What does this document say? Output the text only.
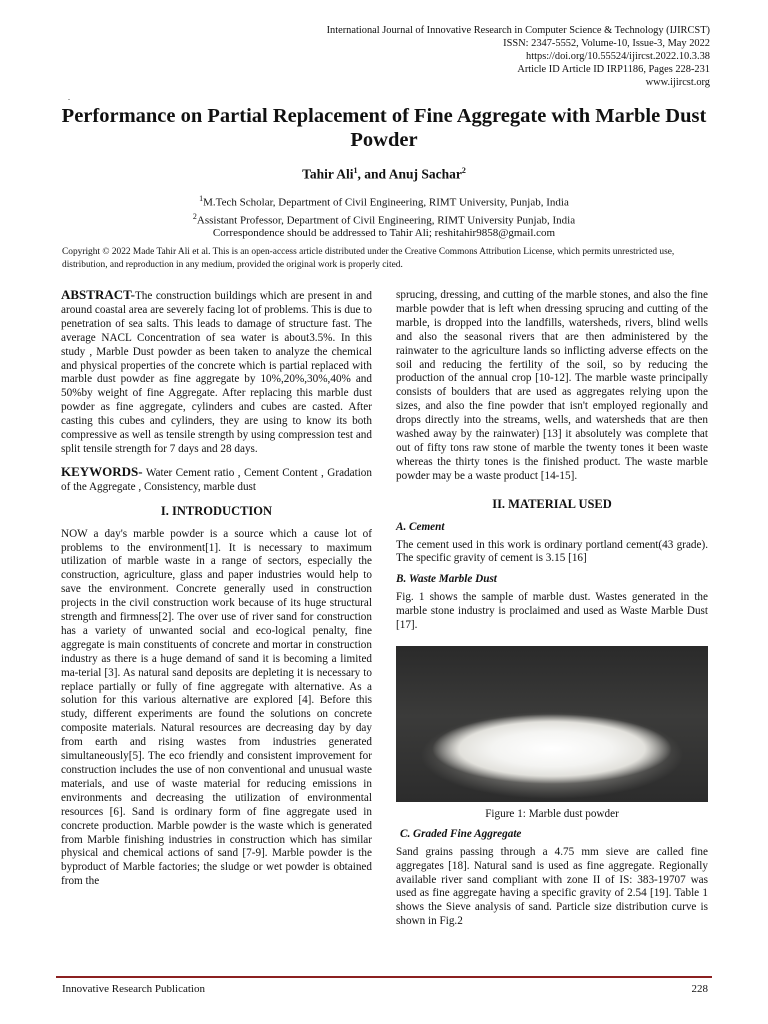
International Journal of Innovative Research in Computer Science & Technology (IJIRCST)
ISSN: 2347-5552, Volume-10, Issue-3, May 2022
https://doi.org/10.55524/ijircst.2022.10.3.38
Article ID Article ID IRP1186, Pages 228-231
www.ijircst.org
.
Performance on Partial Replacement of Fine Aggregate with Marble Dust Powder
Tahir Ali$^1$, and Anuj Sachar$^2$
$^1$M.Tech Scholar, Department of Civil Engineering, RIMT University, Punjab, India
$^2$Assistant Professor, Department of Civil Engineering, RIMT University Punjab, India
Correspondence should be addressed to Tahir Ali; reshitahir9858@gmail.com
Copyright © 2022 Made Tahir Ali et al. This is an open-access article distributed under the Creative Commons Attribution License, which permits unrestricted use, distribution, and reproduction in any medium, provided the original work is properly cited.

ABSTRACT-The construction buildings which are present in and around coastal area are severely facing lot of problems. This is due to penetration of sea salts. This leads to damage of structure fast. The average NACL Concentration of sea water is about3.5%. In this study , Marble Dust powder as been taken to analyze the chemical and physical properties of the concrete which is partial replaced with marble dust powder as fine aggregate by 10%,20%,30%,40% and 50%by weight of fine Aggregate. After replacing this marble dust powder as fine aggregate, cylinders and cubes are casted. After casting this cubes and cylinders, they are using to know its both compressive as well as tensile strength by using compression test and split tensile strength for 7 days and 28 days.

KEYWORDS- Water Cement ratio , Cement Content , Gradation of the Aggregate , Consistency, marble dust

I. INTRODUCTION

NOW a day's marble powder is a source which a cause lot of problems to the environment[1]. It is necessary to maximum utilization of marble waste in a range of sectors, especially the construction, agriculture, glass and paper industries would help to save the environment. Concrete generally used in construction projects in the civil construction work because of its huge structural strength and firmness[2]. The over use of river sand for construction has a variety of unwanted social and eco-logical penalty, fine aggregate is main constituents of concrete and mortar in construction industry as there is a huge demand of sand it is becoming a limited ma-terial [3]. As natural sand deposits are depleting it is necessary to replace partially or fully of fine aggregate with alternative. As a solution for this various alternative are explored [4]. Before this study, different experiments are found the solutions on concrete composite materials. Natural resources are decreasing day by day from earth and rising wastes from industries generated simultaneously[5]. The eco friendly and consistent improvement for construction includes the use of non conventional and unusual waste materials, and use of waste material for reducing emissions in environments and decreasing the utilization of environmental resources [6]. Sand is ordinary form of fine aggregate used in concrete production. Marble powder is the waste which is generated from Marble finishing industries in construction which has similar physical and chemical actions of sand [7-9]. Marble powder is the byproduct of Marble factories; the sludge or wet powder is obtained from the

sprucing, dressing, and cutting of the marble stones, and also the fine marble powder that is left when dressing sprucing and cutting of the marble, is dropped into the landfills, watersheds, rivers, blind wells and also the seasonal rivers that are then administered by the rainwater to the agriculture lands so inflicting adverse effects on the soil and reducing the fertility of the soil, so by reducing the production of the annual crop [10-12]. The marble waste principally consists of boulders that are used as aggregates relying upon the sizes, and also the fine powder that isn't employed regionally and drops directly into the streams, wells, and watersheds that are then washed away by the rainwater) [13] it absolutely was complete that out of fifty tons raw stone of marble the twenty tones it been waste whereas the thirty tones is the finished product. The waste marble powder may be a waste product [14-15].

II. MATERIAL USED
A. Cement

The cement used in this work is ordinary portland cement(43 grade). The specific gravity of cement is 3.15 [16]

B. Waste Marble Dust

Fig. 1 shows the sample of marble dust. Wastes generated in the marble stone industry is proclaimed and used as Waste Marble Dust [17].

Figure 1: Marble dust powder
C. Graded Fine Aggregate

Sand grains passing through a 4.75 mm sieve are called fine aggregates [18]. Natural sand is used as fine aggregate. Regionally available river sand compliant with zone II of IS: 383-19707 was used as fine aggregate having a specific gravity of 2.54 [19]. Table 1 shows the Sieve analysis of sand. Particle size distribution curve is shown in Fig.2

Innovative Research Publication	228
